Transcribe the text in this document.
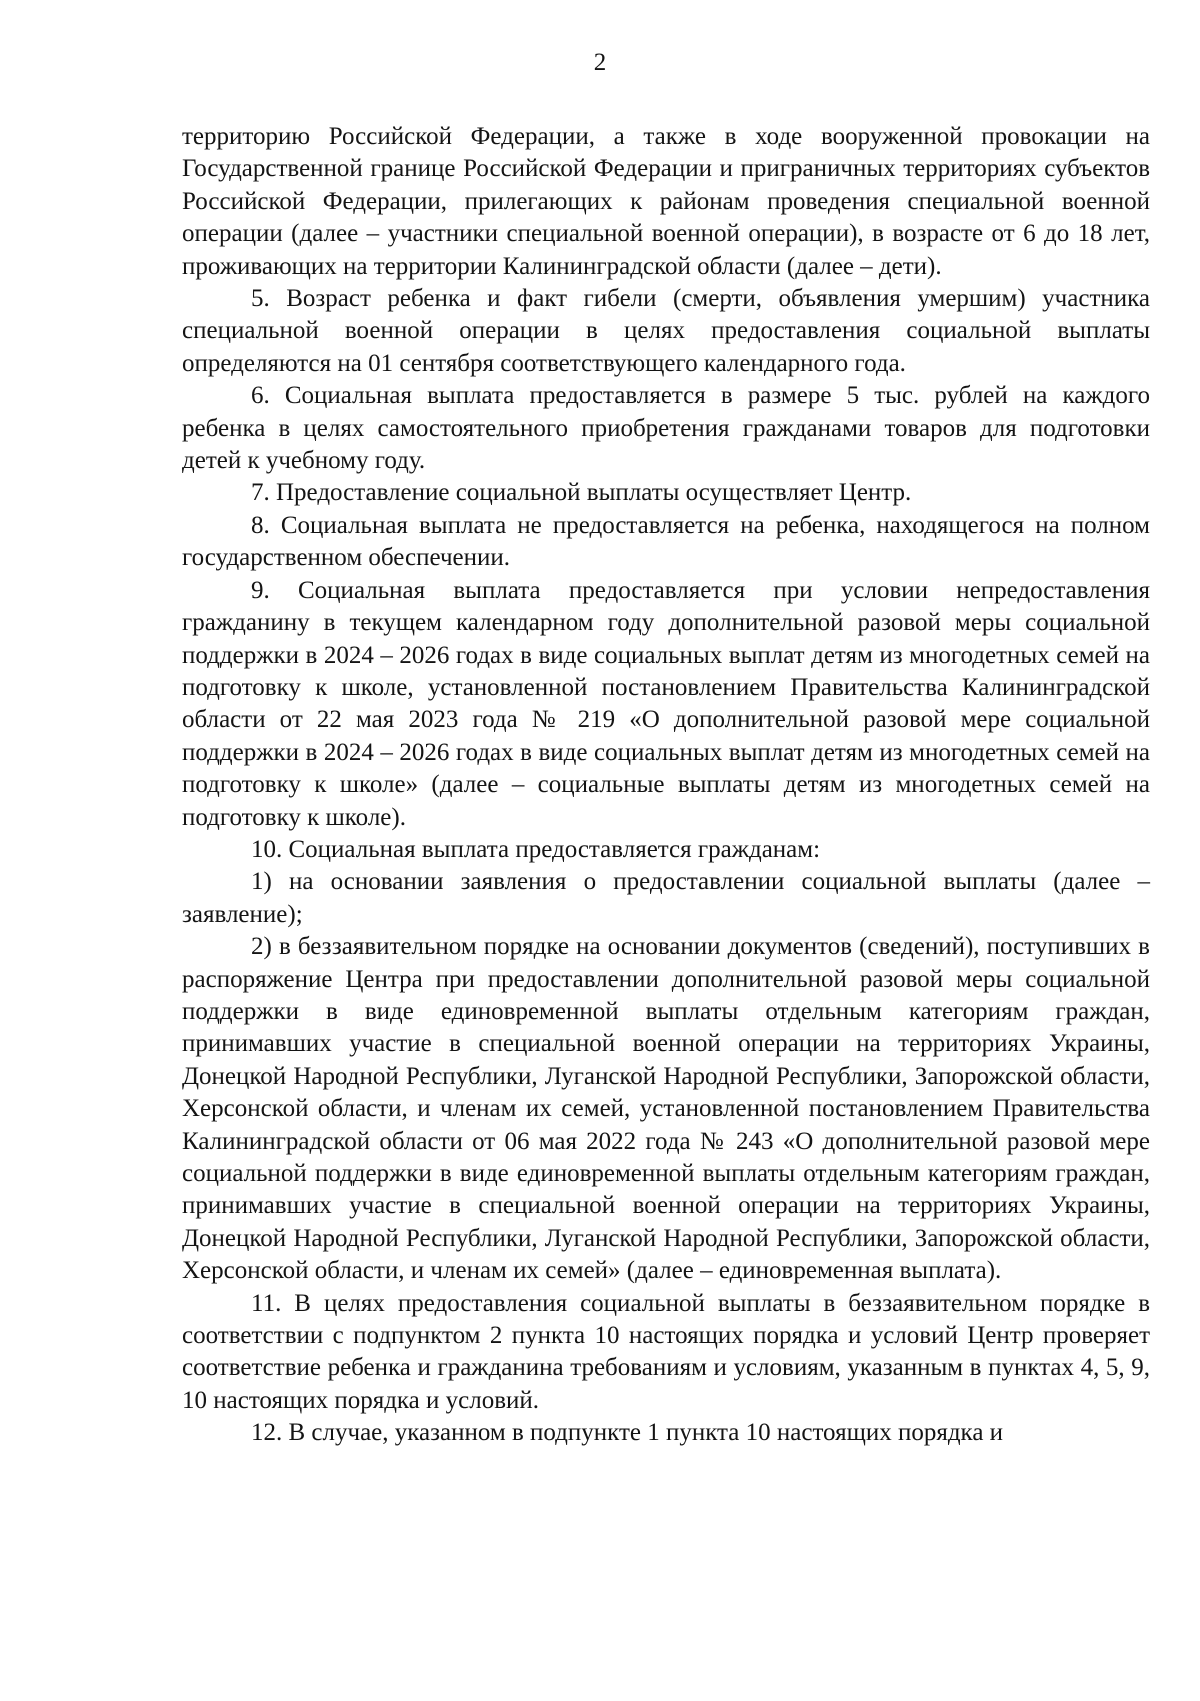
2

территорию Российской Федерации, а также в ходе вооруженной провокации на Государственной границе Российской Федерации и приграничных территориях субъектов Российской Федерации, прилегающих к районам проведения специальной военной операции (далее – участники специальной военной операции), в возрасте от 6 до 18 лет, проживающих на территории Калининградской области (далее – дети).

5. Возраст ребенка и факт гибели (смерти, объявления умершим) участника специальной военной операции в целях предоставления социальной выплаты определяются на 01 сентября соответствующего календарного года.

6. Социальная выплата предоставляется в размере 5 тыс. рублей на каждого ребенка в целях самостоятельного приобретения гражданами товаров для подготовки детей к учебному году.

7. Предоставление социальной выплаты осуществляет Центр.

8. Социальная выплата не предоставляется на ребенка, находящегося на полном государственном обеспечении.

9. Социальная выплата предоставляется при условии непредоставления гражданину в текущем календарном году дополнительной разовой меры социальной поддержки в 2024 – 2026 годах в виде социальных выплат детям из многодетных семей на подготовку к школе, установленной постановлением Правительства Калининградской области от 22 мая 2023 года № 219 «О дополнительной разовой мере социальной поддержки в 2024 – 2026 годах в виде социальных выплат детям из многодетных семей на подготовку к школе» (далее – социальные выплаты детям из многодетных семей на подготовку к школе).

10. Социальная выплата предоставляется гражданам:

1) на основании заявления о предоставлении социальной выплаты (далее – заявление);

2) в беззаявительном порядке на основании документов (сведений), поступивших в распоряжение Центра при предоставлении дополнительной разовой меры социальной поддержки в виде единовременной выплаты отдельным категориям граждан, принимавших участие в специальной военной операции на территориях Украины, Донецкой Народной Республики, Луганской Народной Республики, Запорожской области, Херсонской области, и членам их семей, установленной постановлением Правительства Калининградской области от 06 мая 2022 года № 243 «О дополнительной разовой мере социальной поддержки в виде единовременной выплаты отдельным категориям граждан, принимавших участие в специальной военной операции на территориях Украины, Донецкой Народной Республики, Луганской Народной Республики, Запорожской области, Херсонской области, и членам их семей» (далее – единовременная выплата).

11. В целях предоставления социальной выплаты в беззаявительном порядке в соответствии с подпунктом 2 пункта 10 настоящих порядка и условий Центр проверяет соответствие ребенка и гражданина требованиям и условиям, указанным в пунктах 4, 5, 9, 10 настоящих порядка и условий.

12. В случае, указанном в подпункте 1 пункта 10 настоящих порядка и
